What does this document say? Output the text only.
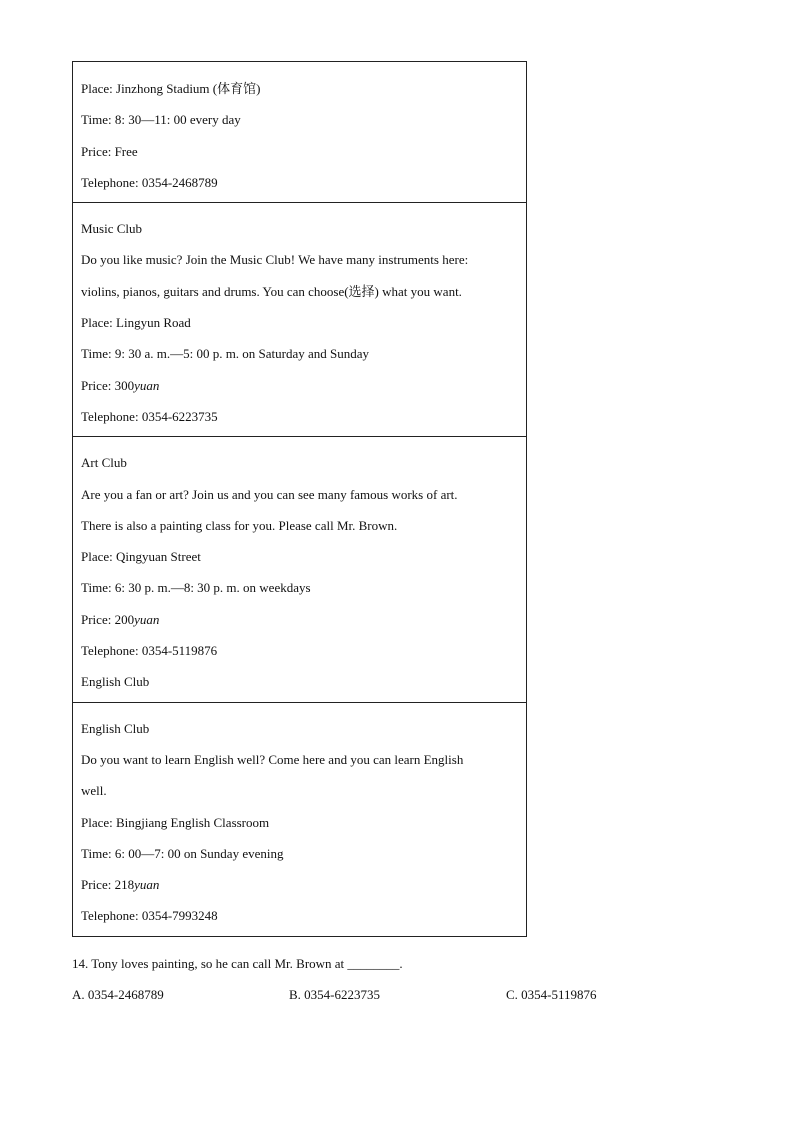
Place: Jinzhong Stadium (体育馆)
Time: 8: 30—11: 00 every day
Price: Free
Telephone: 0354-2468789
Music Club
Do you like music? Join the Music Club! We have many instruments here:
violins, pianos, guitars and drums. You can choose(选择) what you want.
Place: Lingyun Road
Time: 9: 30 a. m.—5: 00 p. m. on Saturday and Sunday
Price: 300yuan
Telephone: 0354-6223735
Art Club
Are you a fan or art? Join us and you can see many famous works of art.
There is also a painting class for you. Please call Mr. Brown.
Place: Qingyuan Street
Time: 6: 30 p. m.—8: 30 p. m. on weekdays
Price: 200yuan
Telephone: 0354-5119876
English Club
English Club
Do you want to learn English well? Come here and you can learn English
well.
Place: Bingjiang English Classroom
Time: 6: 00—7: 00 on Sunday evening
Price: 218yuan
Telephone: 0354-7993248
14. Tony loves painting, so he can call Mr. Brown at ________.
A. 0354-2468789	B. 0354-6223735	C. 0354-5119876
